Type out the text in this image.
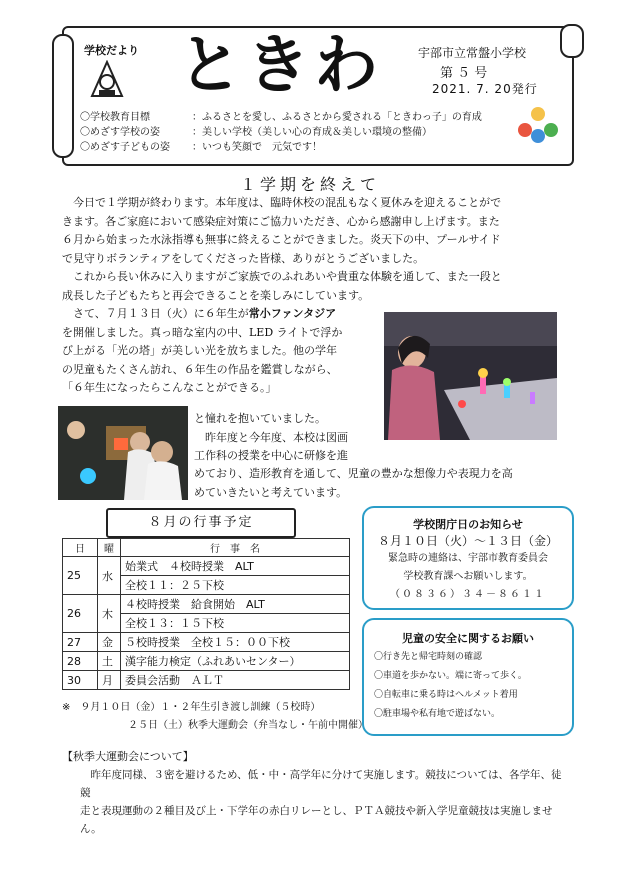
学校だより ときわ	宇部市立常盤小学校
第 ５ 号
2021. 7. 20発行
〇学校教育目標	：ふるさとを愛し、ふるさとから愛される「ときわっ子」の育成
〇めざす学校の姿	：美しい学校（美しい心の育成＆美しい環境の整備）
〇めざす子どもの姿 ：いつも笑顔で　元気です！
１学期を終えて
　今日で１学期が終わります。本年度は、臨時休校の混乱もなく夏休みを迎えることがで
きます。各ご家庭において感染症対策にご協力いただき、心から感謝申し上げます。また
６月から始まった水泳指導も無事に終えることができました。炎天下の中、プールサイド
で見守りボランティアをしてくださった皆様、ありがとうございました。
　これから長い休みに入りますがご家族でのふれあいや貴重な体験を通して、また一段と
成長した子どもたちと再会できることを楽しみにしています。
　さて、７月１３日（火）に６年生が常小ファンタジア
を開催しました。真っ暗な室内の中、LED ライトで浮か
び上がる「光の塔」が美しい光を放ちました。他の学年
の児童もたくさん訪れ、６年生の作品を鑑賞しながら、
「６年生になったらこんなことができる。」
と憧れを抱いていました。
　昨年度と今年度、本校は図画
工作科の授業を中心に研修を進
めており、造形教育を通して、児童の豊かな想像力や表現力を高
めていきたいと考えています。
８月の行事予定
日	曜	行　事　名
25	水	始業式　４校時授業　ALT
		全校１１：２５下校
26	木	４校時授業　給食開始　ALT
		全校１３：１５下校
27	金	５校時授業　全校１５：００下校
28	土	漢字能力検定（ふれあいセンター）
30	月	委員会活動　ＡＬＴ
※　９月１０日（金）１・２年生引き渡し訓練（５校時）
２５日（土）秋季大運動会（弁当なし・午前中開催）
学校閉庁日のお知らせ
８月１０日（火）～１３日（金）
緊急時の連絡は、宇部市教育委員会
学校教育課へお願いします。
（０８３６）３４－８６１１
児童の安全に関するお願い
〇行き先と帰宅時刻の確認
〇車道を歩かない。端に寄って歩く。
〇自転車に乗る時はヘルメット着用
〇駐車場や私有地で遊ばない。
【秋季大運動会について】
　昨年度同様、３密を避けるため、低・中・高学年に分けて実施します。競技については、各学年、徒競
走と表現運動の２種目及び上・下学年の赤白リレーとし、ＰＴＡ競技や新入学児童競技は実施しません。
